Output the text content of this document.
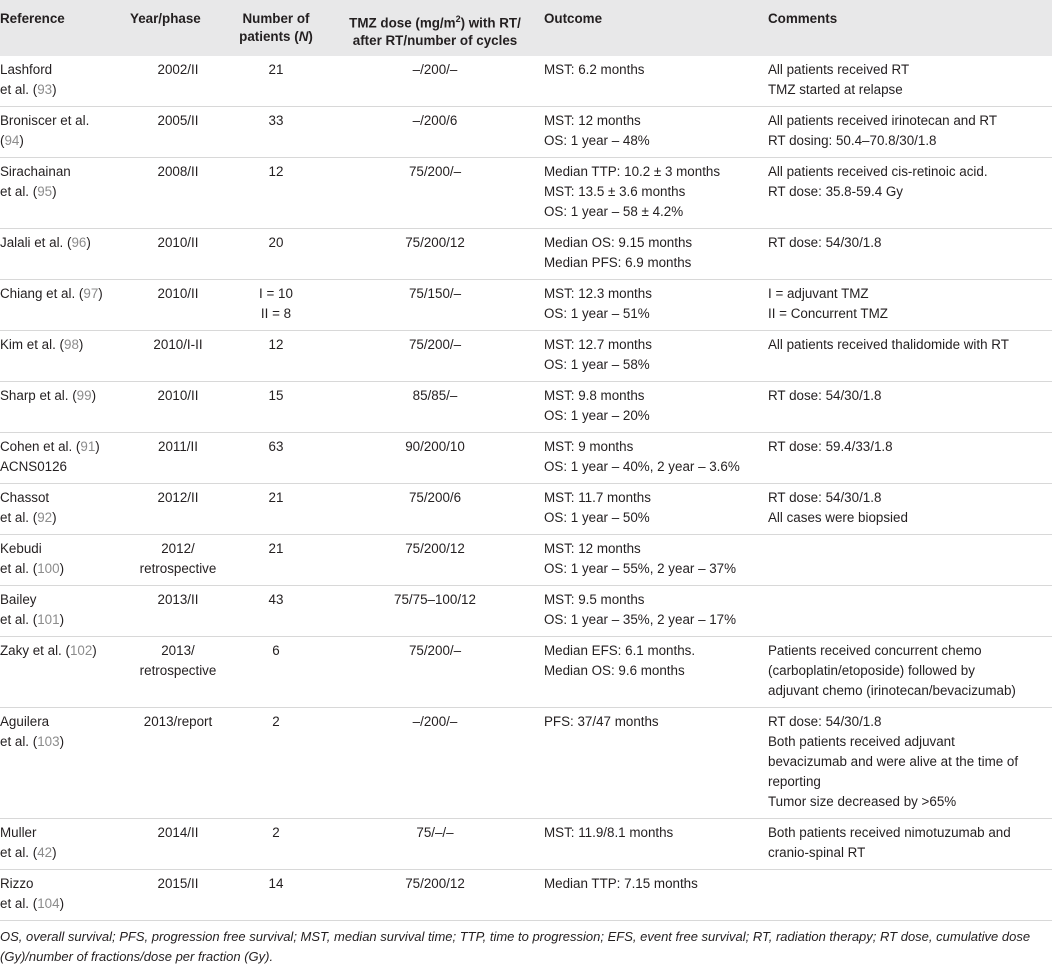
Reference	Year/phase	Number of
patients (N)	TMZ dose $(mg/m^2)$ with RT/
after RT/number of cycles	Outcome	Comments

Lashford
et al. (93)	2002/II	21	–/200/–	MST: 6.2 months	All patients received RT
TMZ started at relapse

Broniscer et al.
(94)	2005/II	33	–/200/6	MST: 12 months
OS: 1 year – 48%	All patients received irinotecan and RT
RT dosing: 50.4–70.8/30/1.8

Sirachainan
et al. (95)	2008/II	12	75/200/–	Median TTP: 10.2 ± 3 months
MST: 13.5 ± 3.6 months
OS: 1 year – 58 ± 4.2%	All patients received cis-retinoic acid.
RT dose: 35.8-59.4 Gy

Jalali et al. (96)	2010/II	20	75/200/12	Median OS: 9.15 months
Median PFS: 6.9 months	RT dose: 54/30/1.8

Chiang et al. (97)	2010/II	I = 10
II = 8	75/150/–	MST: 12.3 months
OS: 1 year – 51%	I = adjuvant TMZ
II = Concurrent TMZ

Kim et al. (98)	2010/I-II	12	75/200/–	MST: 12.7 months
OS: 1 year – 58%	All patients received thalidomide with RT

Sharp et al. (99)	2010/II	15	85/85/–	MST: 9.8 months
OS: 1 year – 20%	RT dose: 54/30/1.8

Cohen et al. (91)
ACNS0126	2011/II	63	90/200/10	MST: 9 months
OS: 1 year – 40%, 2 year – 3.6%	RT dose: 59.4/33/1.8

Chassot
et al. (92)	2012/II	21	75/200/6	MST: 11.7 months
OS: 1 year – 50%	RT dose: 54/30/1.8
All cases were biopsied

Kebudi
et al. (100)	2012/
retrospective	21	75/200/12	MST: 12 months
OS: 1 year – 55%, 2 year – 37%	

Bailey
et al. (101)	2013/II	43	75/75–100/12	MST: 9.5 months
OS: 1 year – 35%, 2 year – 17%	

Zaky et al. (102)	2013/
retrospective	6	75/200/–	Median EFS: 6.1 months.
Median OS: 9.6 months	Patients received concurrent chemo
(carboplatin/etoposide) followed by
adjuvant chemo (irinotecan/bevacizumab)

Aguilera
et al. (103)	2013/report	2	–/200/–	PFS: 37/47 months	RT dose: 54/30/1.8
Both patients received adjuvant
bevacizumab and were alive at the time of
reporting
Tumor size decreased by >65%

Muller
et al. (42)	2014/II	2	75/–/–	MST: 11.9/8.1 months	Both patients received nimotuzumab and
cranio-spinal RT

Rizzo
et al. (104)	2015/II	14	75/200/12	Median TTP: 7.15 months	

OS, overall survival; PFS, progression free survival; MST, median survival time; TTP, time to progression; EFS, event free survival; RT, radiation therapy; RT dose, cumulative dose
(Gy)/number of fractions/dose per fraction (Gy).
